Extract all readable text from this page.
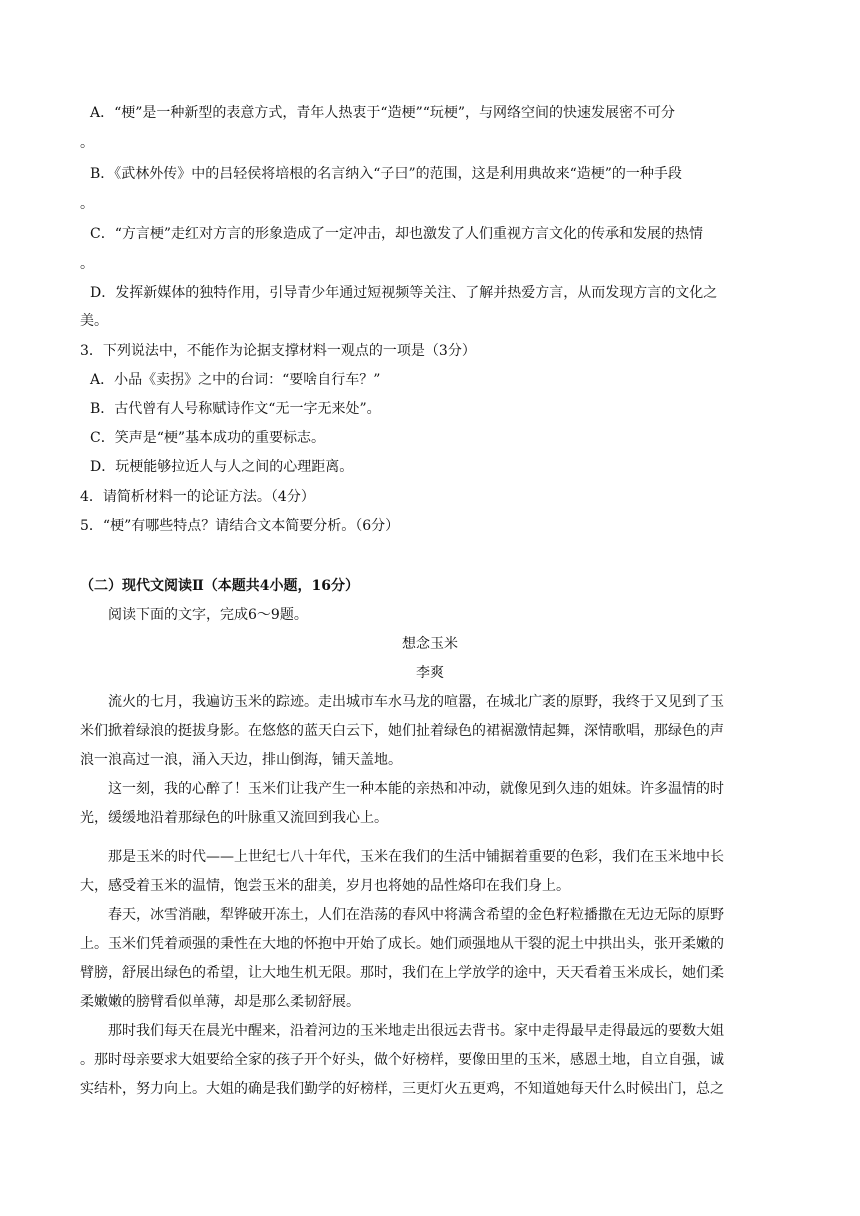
A．“梗”是一种新型的表意方式，青年人热衷于“造梗”“玩梗”，与网络空间的快速发展密不可分
。
B．《武林外传》中的吕轻侯将培根的名言纳入“子曰”的范围，这是利用典故来“造梗”的一种手段
。
C．“方言梗”走红对方言的形象造成了一定冲击，却也激发了人们重视方言文化的传承和发展的热情
。
D．发挥新媒体的独特作用，引导青少年通过短视频等关注、了解并热爱方言，从而发现方言的文化之
美。
3．下列说法中，不能作为论据支撑材料一观点的一项是（3分）
A．小品《卖拐》之中的台词：“要啥自行车？”
B．古代曾有人号称赋诗作文“无一字无来处”。
C．笑声是“梗”基本成功的重要标志。
D．玩梗能够拉近人与人之间的心理距离。
4．请简析材料一的论证方法。（4分）
5．“梗”有哪些特点？请结合文本简要分析。（6分）
（二）现代文阅读Ⅱ（本题共4小题，16分）
阅读下面的文字，完成6～9题。
想念玉米
李爽
流火的七月，我遍访玉米的踪迹。走出城市车水马龙的喧嚣，在城北广袤的原野，我终于又见到了玉
米们掀着绿浪的挺拔身影。在悠悠的蓝天白云下，她们扯着绿色的裙裾激情起舞，深情歌唱，那绿色的声
浪一浪高过一浪，涌入天边，排山倒海，铺天盖地。
这一刻，我的心醉了！玉米们让我产生一种本能的亲热和冲动，就像见到久违的姐妹。许多温情的时
光，缓缓地沿着那绿色的叶脉重又流回到我心上。
那是玉米的时代——上世纪七八十年代，玉米在我们的生活中铺据着重要的色彩，我们在玉米地中长
大，感受着玉米的温情，饱尝玉米的甜美，岁月也将她的品性烙印在我们身上。
春天，冰雪消融，犁铧破开冻土，人们在浩荡的春风中将满含希望的金色籽粒播撒在无边无际的原野
上。玉米们凭着顽强的秉性在大地的怀抱中开始了成长。她们顽强地从干裂的泥土中拱出头，张开柔嫩的
臂膀，舒展出绿色的希望，让大地生机无限。那时，我们在上学放学的途中，天天看着玉米成长，她们柔
柔嫩嫩的膀臂看似单薄，却是那么柔韧舒展。
那时我们每天在晨光中醒来，沿着河边的玉米地走出很远去背书。家中走得最早走得最远的要数大姐
。那时母亲要求大姐要给全家的孩子开个好头，做个好榜样，要像田里的玉米，感恩土地，自立自强，诚
实结朴，努力向上。大姐的确是我们勤学的好榜样，三更灯火五更鸡，不知道她每天什么时候出门，总之
